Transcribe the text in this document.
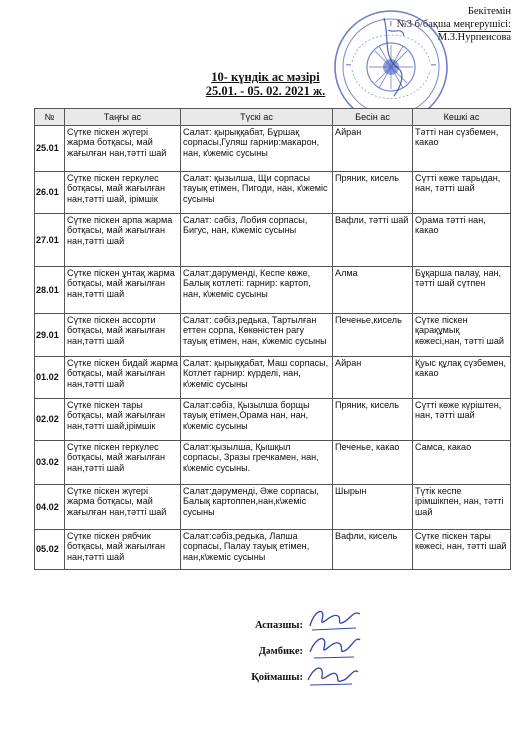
Бекітемін
№3 б/бақша меңгерушісі:
М.З.Нурпеисова
10- күндік ас мәзірі
25.01. - 05. 02. 2021 ж.
№	Таңғы ас	Түскі ас	Бесін ас	Кешкі ас
25.01	Сүтке піскен жүгері жарма ботқасы, май жағылған нан,тәтті шай	Салат: қырыққабат, Бұршақ сорпасы,Гуляш гарнир:макарон, нан, к\жеміс сусыны	Айран	Тәтті нан сүзбемен, какао
26.01	Сүтке піскен геркулес ботқасы, май жағылған нан,тәтті шай, ірімшік	Салат: қызылша, Щи сорпасы тауық етімен, Пигоди, нан, к\жеміс сусыны	Пряник, кисель	Сүтті көже тарыдан, нан, тәтті шай
27.01	Сүтке піскен арпа жарма ботқасы, май жағылған нан,тәтті шай	Салат: сәбіз, Лобия сорпасы, Бигус, нан, к\жеміс сусыны	Вафли, тәтті шай	Орама тәтті нан, какао
28.01	Сүтке піскен ұнтақ жарма ботқасы, май жағылған нан,тәтті шай	Салат:дәрумендi, Кеспе көже, Балық котлеті: гарнир: картоп, нан, к\жеміс сусыны	Алма	Бұқарша палау, нан, тәтті шай сүтпен
29.01	Сүтке піскен ассорти ботқасы, май жағылған нан,тәтті шай	Салат: сәбіз,редька, Тартылған еттен сорпа, Көкөністен рагу тауық етімен, нан, к\жеміс сусыны	Печенье,кисель	Сүтке піскен қарақұмық көжесі,нан, тәтті шай
01.02	Сүтке піскен бидай жарма ботқасы, май жағылған нан,тәтті шай	Салат: қырыққабат, Маш сорпасы, Котлет гарнир: күрделі, нан, к\жеміс сусыны	Айран	Қуыс құлақ сүзбемен, какао
02.02	Сүтке піскен тары ботқасы, май жағылған нан,тәтті шай,ірімшік	Салат:сәбіз, Қызылша борщы тауық етімен,Орама нан, нан, к\жеміс сусыны	Пряник, кисель	Сүтті көже күріштен, нан, тәтті шай
03.02	Сүтке піскен геркулес ботқасы, май жағылған нан,тәтті шай	Салат:қызылша, Қышқыл сорпасы, Зразы гречкамен, нан, к\жеміс сусыны.	Печенье, какао	Самса, какао
04.02	Сүтке піскен жүгері жарма ботқасы, май жағылған нан,тәтті шай	Салат:дәрумендi, Әже сорпасы, Балық картоппен,нан,к\жеміс сусыны	Шырын	Түтік кеспе ірімшікпен, нан, тәтті шай
05.02	Сүтке піскен рябчик ботқасы, май жағылған нан,тәтті шай	Салат:сәбіз,редька, Лапша сорпасы, Палау тауық етімен, нан,к\жеміс сусыны	Вафли, кисель	Сүтке піскен тары көжесі, нан, тәтті шай
Аспазшы:
Дәмбике:
Қоймашы:
